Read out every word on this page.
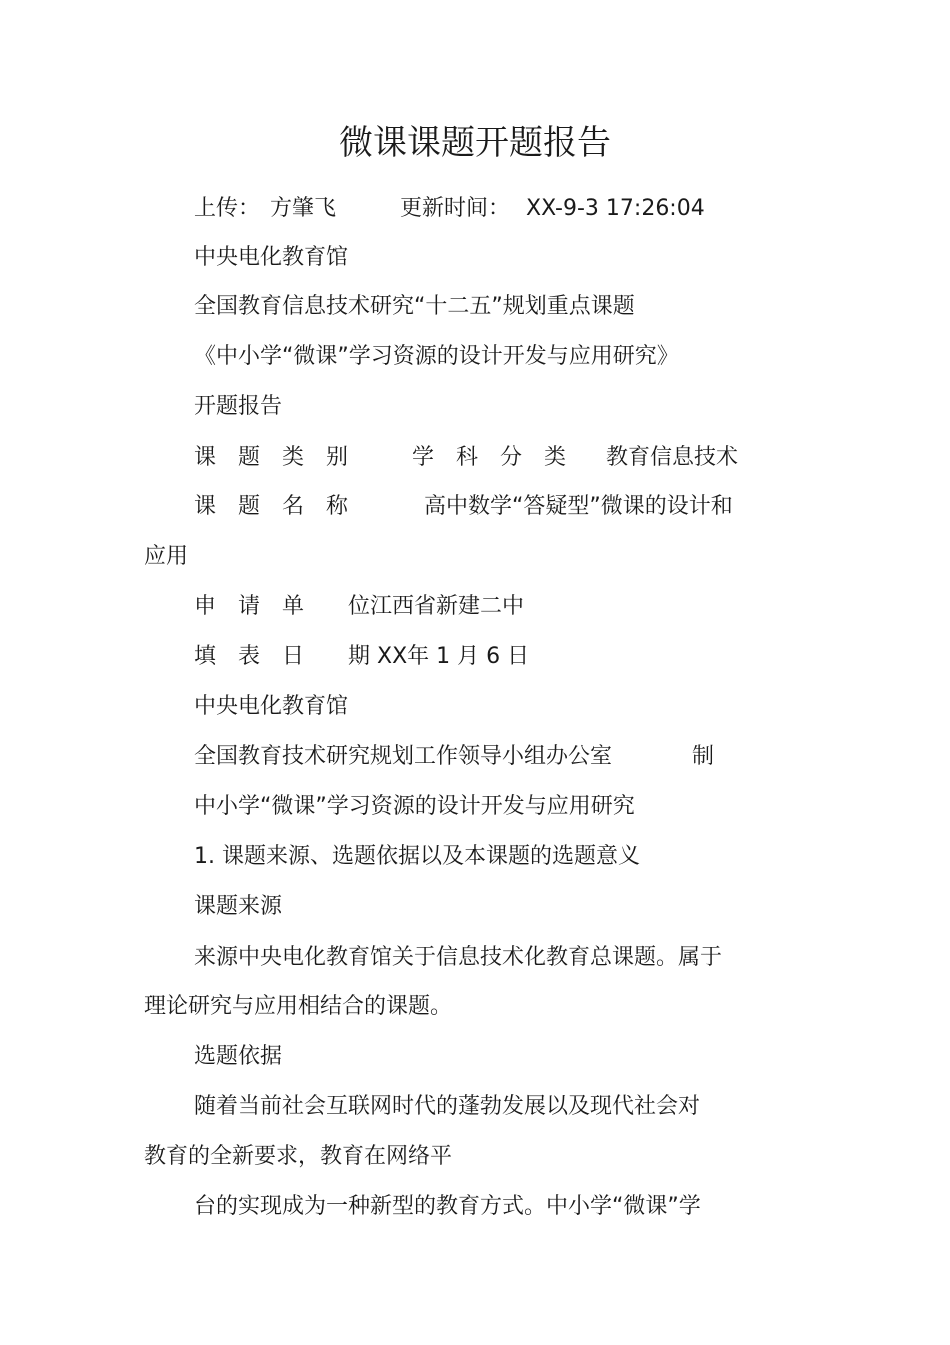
微课课题开题报告
上传： 方肇飞	更新时间： XX-9-3 17:26:04
中央电化教育馆
全国教育信息技术研究“十二五”规划重点课题
《中小学“微课”学习资源的设计开发与应用研究》
开题报告
课　题　类　别	学　科　分　类 教育信息技术
课　题　名　称	高中数学“答疑型”微课的设计和
应用
申　请　单 位江西省新建二中
填　表　日 期 XX年 1 月 6 日
中央电化教育馆
全国教育技术研究规划工作领导小组办公室	制
中小学“微课”学习资源的设计开发与应用研究
1. 课题来源、选题依据以及本课题的选题意义
课题来源
来源中央电化教育馆关于信息技术化教育总课题。属于
理论研究与应用相结合的课题。
选题依据
随着当前社会互联网时代的蓬勃发展以及现代社会对
教育的全新要求，教育在网络平
台的实现成为一种新型的教育方式。中小学“微课”学
